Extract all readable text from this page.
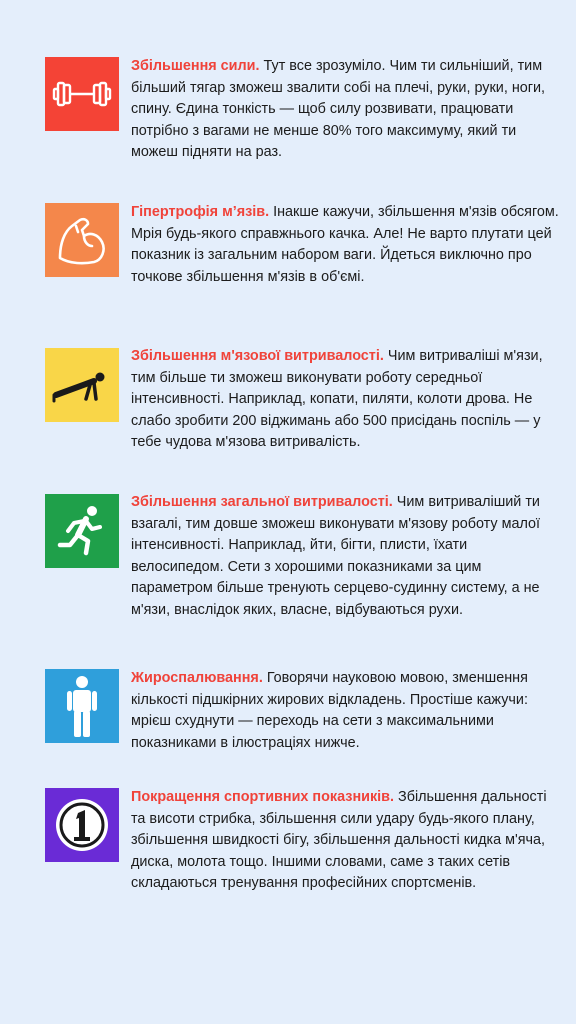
Збільшення сили. Тут все зрозуміло. Чим ти сильніший, тим більший тягар зможеш звалити собі на плечі, руки, руки, ноги, спину. Єдина тонкість — щоб силу розвивати, працювати потрібно з вагами не менше 80% того максимуму, який ти можеш підняти на раз.

Гіпертрофія м’язів. Інакше кажучи, збільшення м'язів обсягом. Мрія будь-якого справжнього качка. Але! Не варто плутати цей показник із загальним набором ваги. Йдеться виключно про точкове збільшення м'язів в об'ємі.

Збільшення м'язової витривалості. Чим витриваліші м'язи, тим більше ти зможеш виконувати роботу середньої інтенсивності. Наприклад, копати, пиляти, колоти дрова. Не слабо зробити 200 віджимань або 500 присідань поспіль — у тебе чудова м'язова витривалість.

Збільшення загальної витривалості. Чим витриваліший ти взагалі, тим довше зможеш виконувати м'язову роботу малої інтенсивності. Наприклад, йти, бігти, плисти, їхати велосипедом. Сети з хорошими показниками за цим параметром більше тренують серцево-судинну систему, а не м'язи, внаслідок яких, власне, відбуваються рухи.

Жироспалювання. Говорячи науковою мовою, зменшення кількості підшкірних жирових відкладень. Простіше кажучи: мрієш схуднути — переходь на сети з максимальними показниками в ілюстраціях нижче.

Покращення спортивних показників. Збільшення дальності та висоти стрибка, збільшення сили удару будь-якого плану, збільшення швидкості бігу, збільшення дальності кидка м'яча, диска, молота тощо. Іншими словами, саме з таких сетів складаються тренування професійних спортсменів.
